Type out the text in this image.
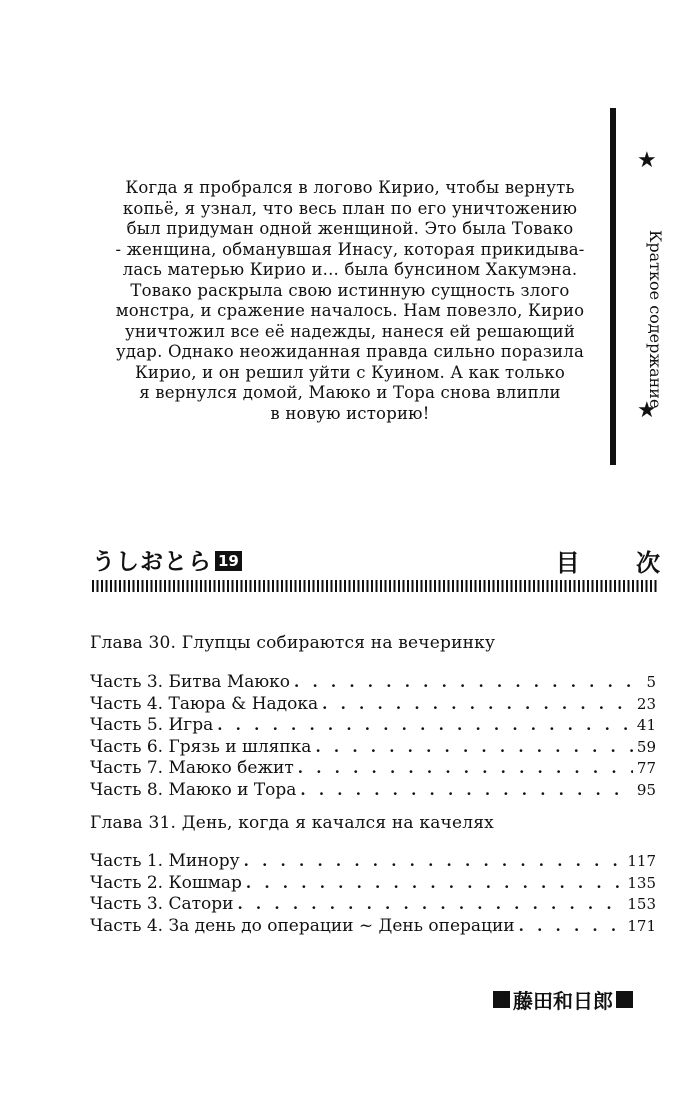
Когда я пробрался в логово Кирио, чтобы вернуть
копьё, я узнал, что весь план по его уничтожению
был придуман одной женщиной. Это была Товако
- женщина, обманувшая Инасу, которая прикидыва-
лась матерью Кирио и... была бунсином Хакумэна.
Товако раскрыла свою истинную сущность злого
монстра, и сражение началось. Нам повезло, Кирио
уничтожил все её надежды, нанеся ей решающий
удар. Однако неожиданная правда сильно поразила
Кирио, и он решил уйти с Куином. А как только
я вернулся домой, Маюко и Тора снова влипли
в новую историю!
★
Краткое содержание
★
うしおとら 19	目 次
Глава 30. Глупцы собираются на вечеринку
Часть 3. Битва Маюко . . .	5
Часть 4. Таюра & Надока . . .	23
Часть 5. Игра . . .	41
Часть 6. Грязь и шляпка . . .	59
Часть 7. Маюко бежит . . .	77
Часть 8. Маюко и Тора . . .	95
Глава 31. День, когда я качался на качелях
Часть 1. Минору . . .	117
Часть 2. Кошмар . . .	135
Часть 3. Сатори . . .	153
Часть 4. За день до операции ~ День операции . . .	171
藤田和日郎
